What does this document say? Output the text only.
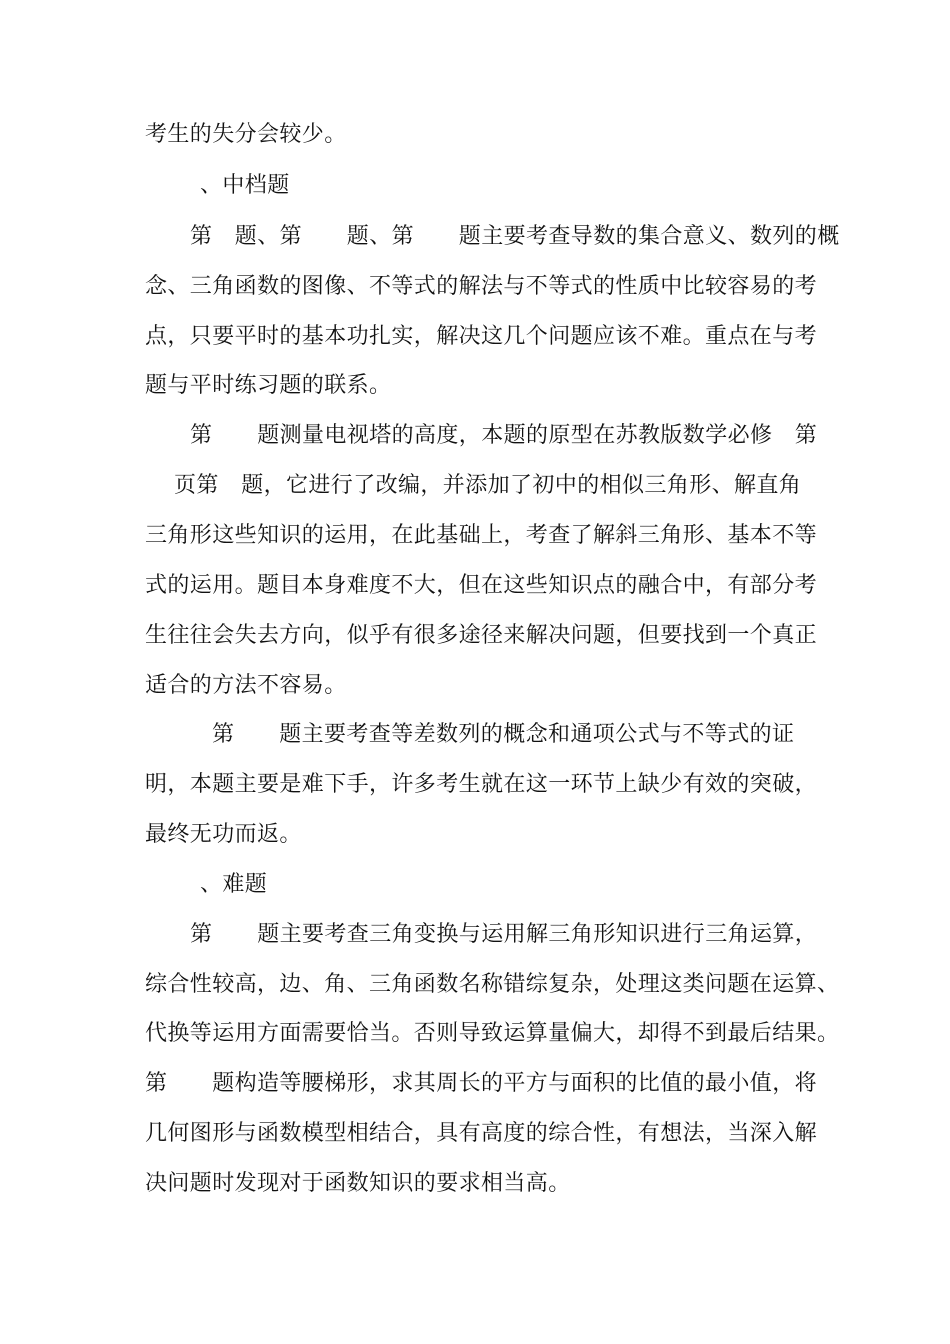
考生的失分会较少。
、中档题
第　题、第　　题、第　　题主要考查导数的集合意义、数列的概
念、三角函数的图像、不等式的解法与不等式的性质中比较容易的考
点，只要平时的基本功扎实，解决这几个问题应该不难。重点在与考
题与平时练习题的联系。
第　　题测量电视塔的高度，本题的原型在苏教版数学必修　第
页第　题，它进行了改编，并添加了初中的相似三角形、解直角
三角形这些知识的运用，在此基础上，考查了解斜三角形、基本不等
式的运用。题目本身难度不大，但在这些知识点的融合中，有部分考
生往往会失去方向，似乎有很多途径来解决问题，但要找到一个真正
适合的方法不容易。
第　　题主要考查等差数列的概念和通项公式与不等式的证
明，本题主要是难下手，许多考生就在这一环节上缺少有效的突破，
最终无功而返。
、难题
第　　题主要考查三角变换与运用解三角形知识进行三角运算，
综合性较高，边、角、三角函数名称错综复杂，处理这类问题在运算、
代换等运用方面需要恰当。否则导致运算量偏大，却得不到最后结果。
第　　题构造等腰梯形，求其周长的平方与面积的比值的最小值，将
几何图形与函数模型相结合，具有高度的综合性，有想法，当深入解
决问题时发现对于函数知识的要求相当高。
